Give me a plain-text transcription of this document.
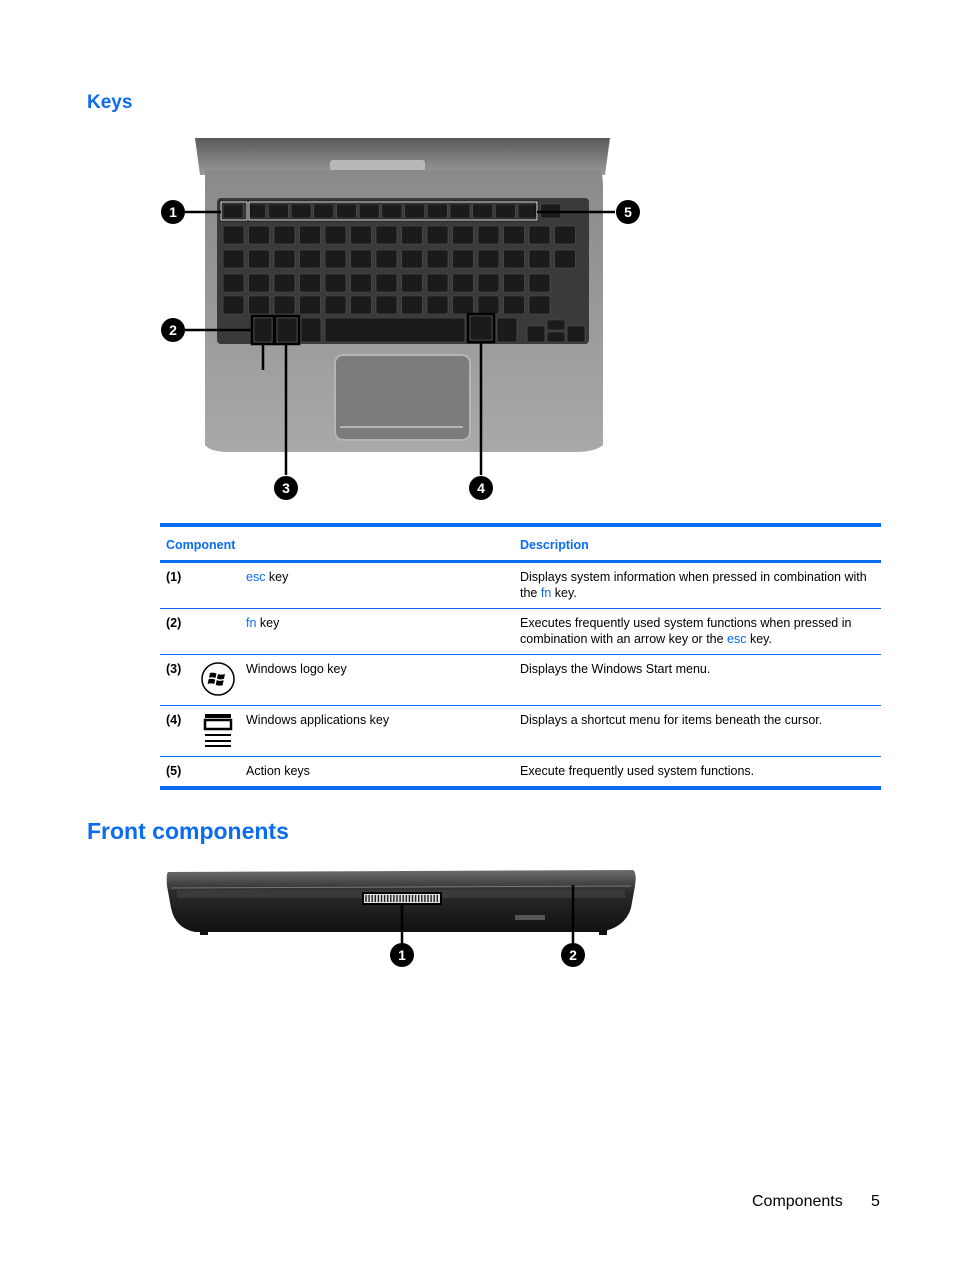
Keys
1	5
2
3	4
Component			Description
(1)		esc key	Displays system information when pressed in combination with the fn key.
(2)		fn key	Executes frequently used system functions when pressed in combination with an arrow key or the esc key.
(3)		Windows logo key	Displays the Windows Start menu.
(4)		Windows applications key	Displays a shortcut menu for items beneath the cursor.
(5)		Action keys	Execute frequently used system functions.
Front components
1	2
Components 5
